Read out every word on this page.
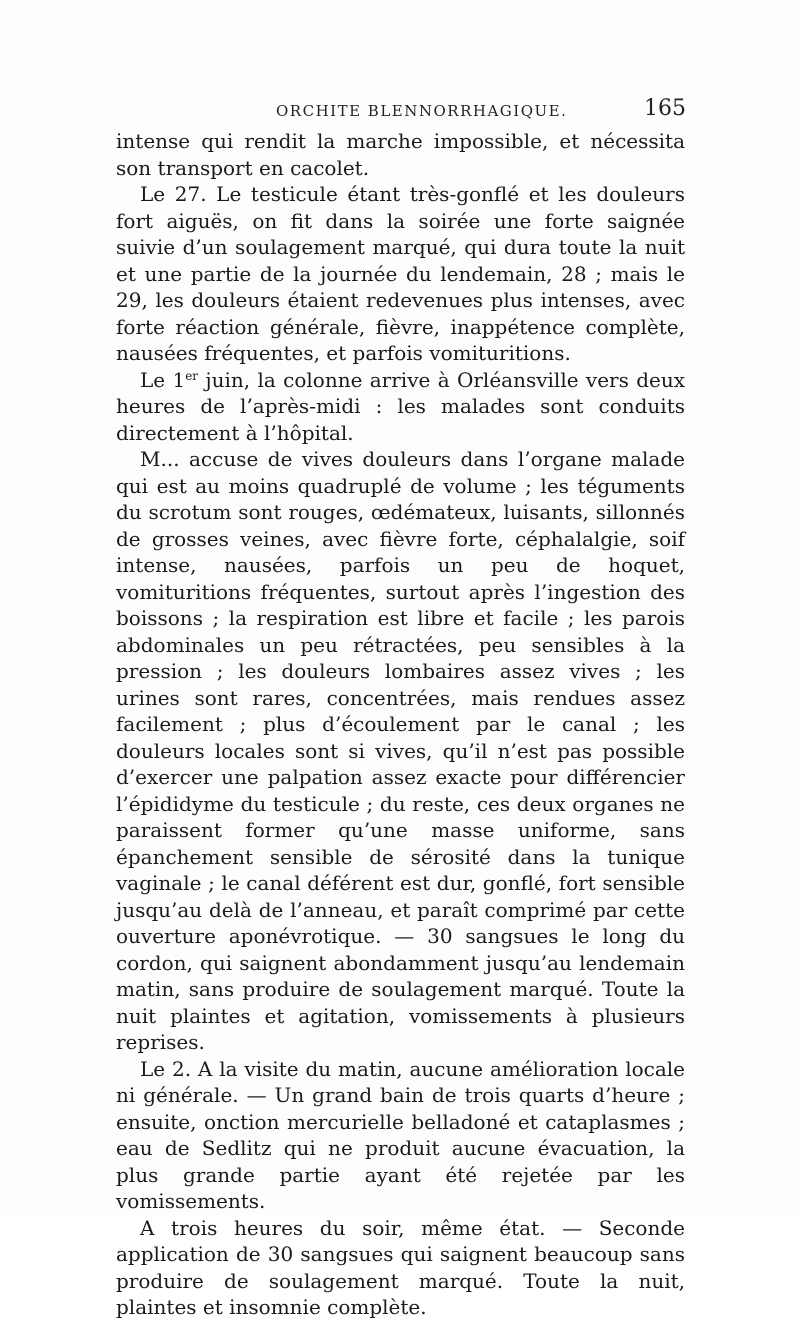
ORCHITE BLENNORRHAGIQUE.	165

intense qui rendit la marche impossible, et nécessita son transport en cacolet.

Le 27. Le testicule étant très-gonflé et les douleurs fort aiguës, on fit dans la soirée une forte saignée suivie d’un soulagement marqué, qui dura toute la nuit et une partie de la journée du lendemain, 28 ; mais le 29, les douleurs étaient redevenues plus intenses, avec forte réaction générale, fièvre, inappétence complète, nausées fréquentes, et parfois vomituritions.

Le 1er juin, la colonne arrive à Orléansville vers deux heures de l’après-midi : les malades sont conduits directement à l’hôpital.

M... accuse de vives douleurs dans l’organe malade qui est au moins quadruplé de volume ; les téguments du scrotum sont rouges, œdémateux, luisants, sillonnés de grosses veines, avec fièvre forte, céphalalgie, soif intense, nausées, parfois un peu de hoquet, vomituritions fréquentes, surtout après l’ingestion des boissons ; la respiration est libre et facile ; les parois abdominales un peu rétractées, peu sensibles à la pression ; les douleurs lombaires assez vives ; les urines sont rares, concentrées, mais rendues assez facilement ; plus d’écoulement par le canal ; les douleurs locales sont si vives, qu’il n’est pas possible d’exercer une palpation assez exacte pour différencier l’épididyme du testicule ; du reste, ces deux organes ne paraissent former qu’une masse uniforme, sans épanchement sensible de sérosité dans la tunique vaginale ; le canal déférent est dur, gonflé, fort sensible jusqu’au delà de l’anneau, et paraît comprimé par cette ouverture aponévrotique. — 30 sangsues le long du cordon, qui saignent abondamment jusqu’au lendemain matin, sans produire de soulagement marqué. Toute la nuit plaintes et agitation, vomissements à plusieurs reprises.

Le 2. A la visite du matin, aucune amélioration locale ni générale. — Un grand bain de trois quarts d’heure ; ensuite, onction mercurielle belladoné et cataplasmes ; eau de Sedlitz qui ne produit aucune évacuation, la plus grande partie ayant été rejetée par les vomissements.

A trois heures du soir, même état. — Seconde application de 30 sangsues qui saignent beaucoup sans produire de soulagement marqué. Toute la nuit, plaintes et insomnie complète.
